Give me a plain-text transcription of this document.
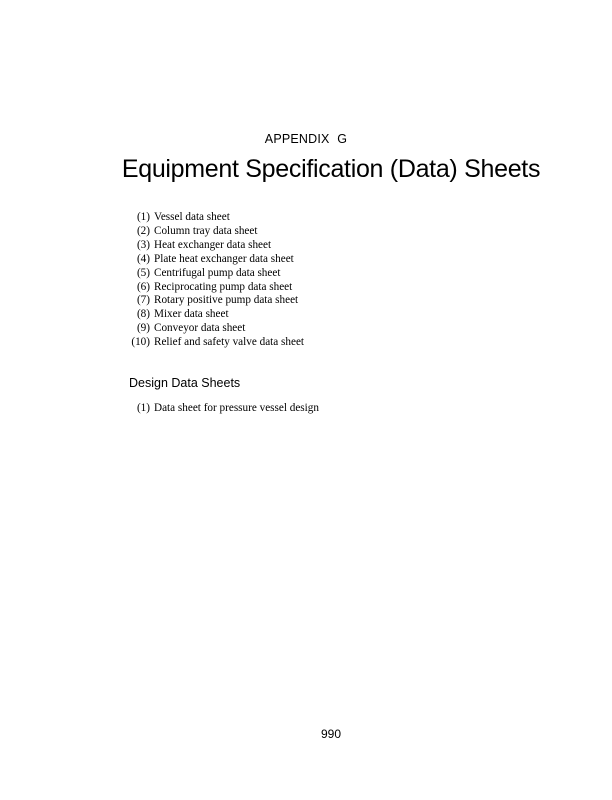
APPENDIX G
Equipment Specification (Data) Sheets
(1) Vessel data sheet
(2) Column tray data sheet
(3) Heat exchanger data sheet
(4) Plate heat exchanger data sheet
(5) Centrifugal pump data sheet
(6) Reciprocating pump data sheet
(7) Rotary positive pump data sheet
(8) Mixer data sheet
(9) Conveyor data sheet
(10) Relief and safety valve data sheet
Design Data Sheets
(1) Data sheet for pressure vessel design
990
